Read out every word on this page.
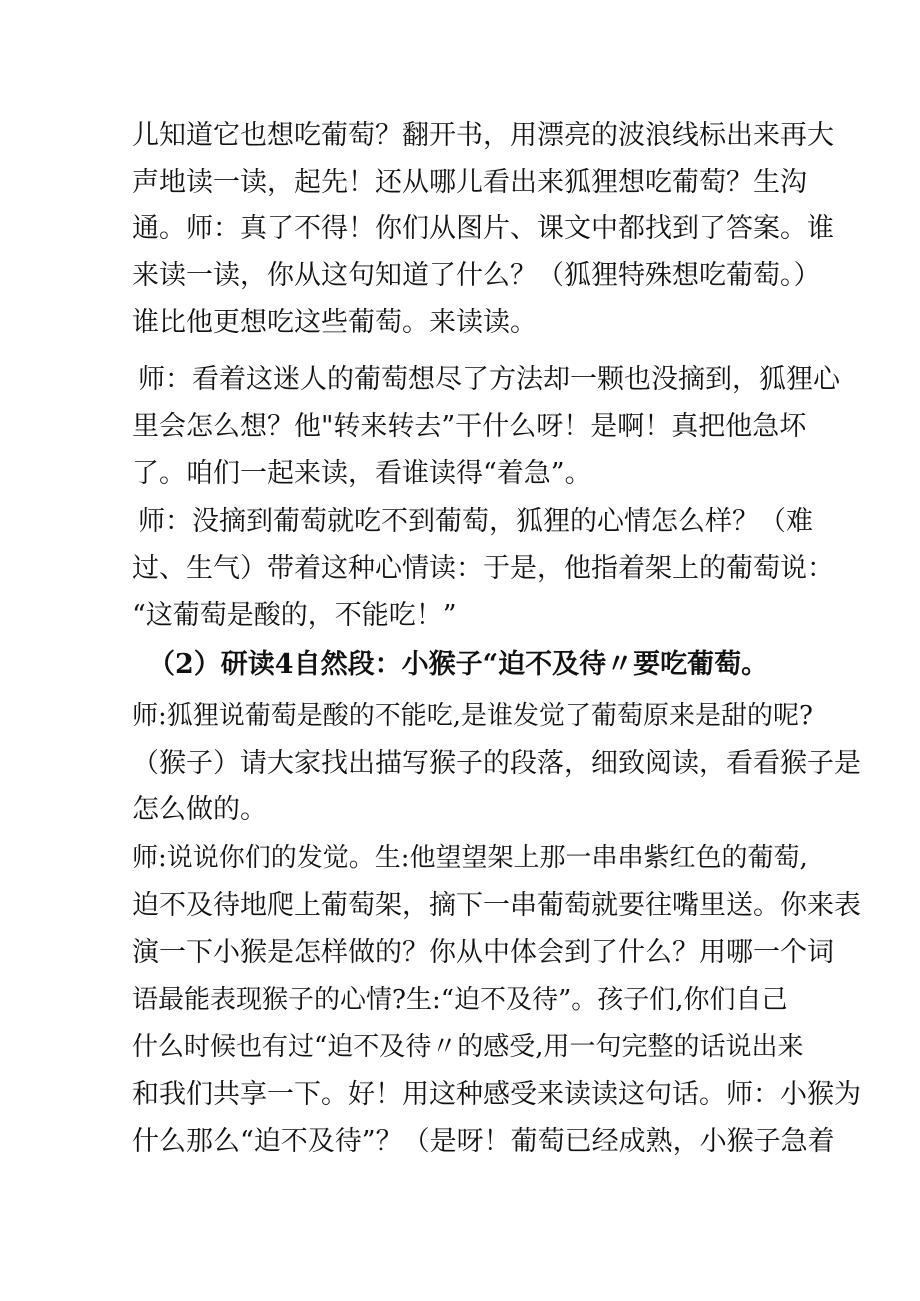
儿知道它也想吃葡萄？翻开书，用漂亮的波浪线标出来再大
声地读一读，起先！还从哪儿看出来狐狸想吃葡萄？生沟
通。师：真了不得！你们从图片、课文中都找到了答案。谁
来读一读，你从这句知道了什么？（狐狸特殊想吃葡萄。）
谁比他更想吃这些葡萄。来读读。
师：看着这迷人的葡萄想尽了方法却一颗也没摘到，狐狸心
里会怎么想？他"转来转去”干什么呀！是啊！真把他急坏
了。咱们一起来读，看谁读得“着急”。
师：没摘到葡萄就吃不到葡萄，狐狸的心情怎么样？（难
过、生气）带着这种心情读：于是，他指着架上的葡萄说：
“这葡萄是酸的，不能吃！”
（2）研读4自然段：小猴子“迫不及待〃要吃葡萄。
师:狐狸说葡萄是酸的不能吃,是谁发觉了葡萄原来是甜的呢?
（猴子）请大家找出描写猴子的段落，细致阅读，看看猴子是
怎么做的。
师:说说你们的发觉。生:他望望架上那一串串紫红色的葡萄,
迫不及待地爬上葡萄架，摘下一串葡萄就要往嘴里送。你来表
演一下小猴是怎样做的？你从中体会到了什么？用哪一个词
语最能表现猴子的心情?生:“迫不及待”。孩子们,你们自己
什么时候也有过“迫不及待〃的感受,用一句完整的话说出来
和我们共享一下。好！用这种感受来读读这句话。师：小猴为
什么那么“迫不及待”？（是呀！葡萄已经成熟，小猴子急着
